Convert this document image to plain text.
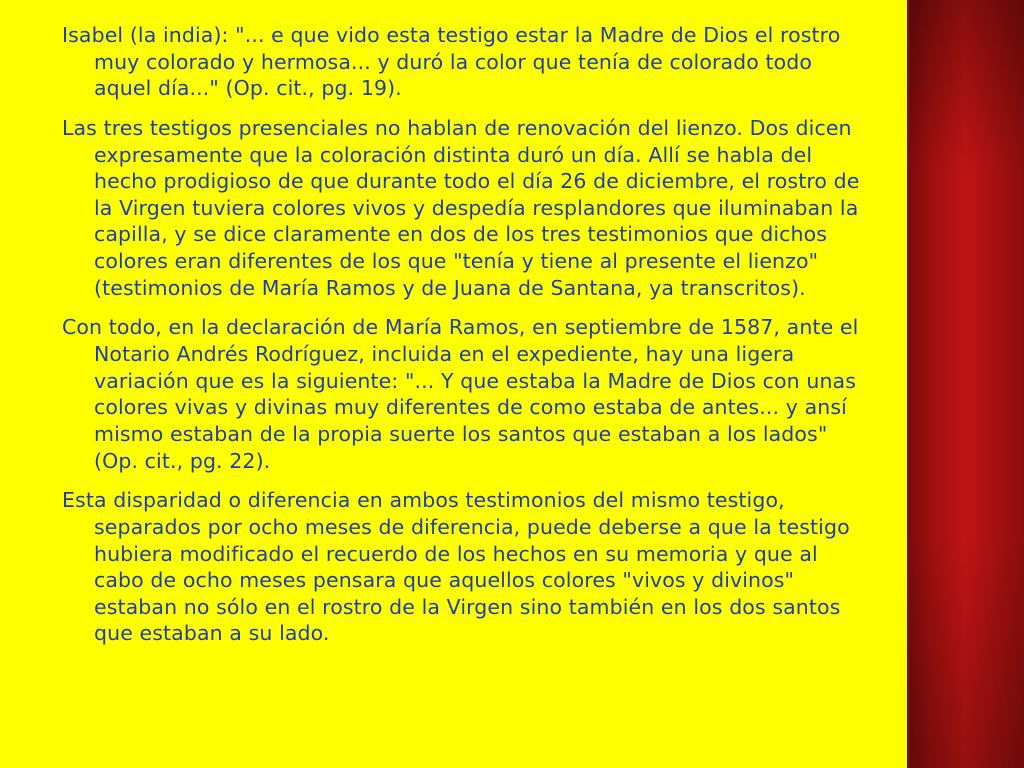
Isabel (la india): "... e que vido esta testigo estar la Madre de Dios el rostro muy colorado y hermosa... y duró la color que tenía de colorado todo aquel día..." (Op. cit., pg. 19).

Las tres testigos presenciales no hablan de renovación del lienzo. Dos dicen expresamente que la coloración distinta duró un día. Allí se habla del hecho prodigioso de que durante todo el día 26 de diciembre, el rostro de la Virgen tuviera colores vivos y despedía resplandores que iluminaban la capilla, y se dice claramente en dos de los tres testimonios que dichos colores eran diferentes de los que "tenía y tiene al presente el lienzo" (testimonios de María Ramos y de Juana de Santana, ya transcritos).

Con todo, en la declaración de María Ramos, en septiembre de 1587, ante el Notario Andrés Rodríguez, incluida en el expediente, hay una ligera variación que es la siguiente: "... Y que estaba la Madre de Dios con unas colores vivas y divinas muy diferentes de como estaba de antes... y ansí mismo estaban de la propia suerte los santos que estaban a los lados" (Op. cit., pg. 22).

Esta disparidad o diferencia en ambos testimonios del mismo testigo, separados por ocho meses de diferencia, puede deberse a que la testigo hubiera modificado el recuerdo de los hechos en su memoria y que al cabo de ocho meses pensara que aquellos colores "vivos y divinos" estaban no sólo en el rostro de la Virgen sino también en los dos santos que estaban a su lado.
